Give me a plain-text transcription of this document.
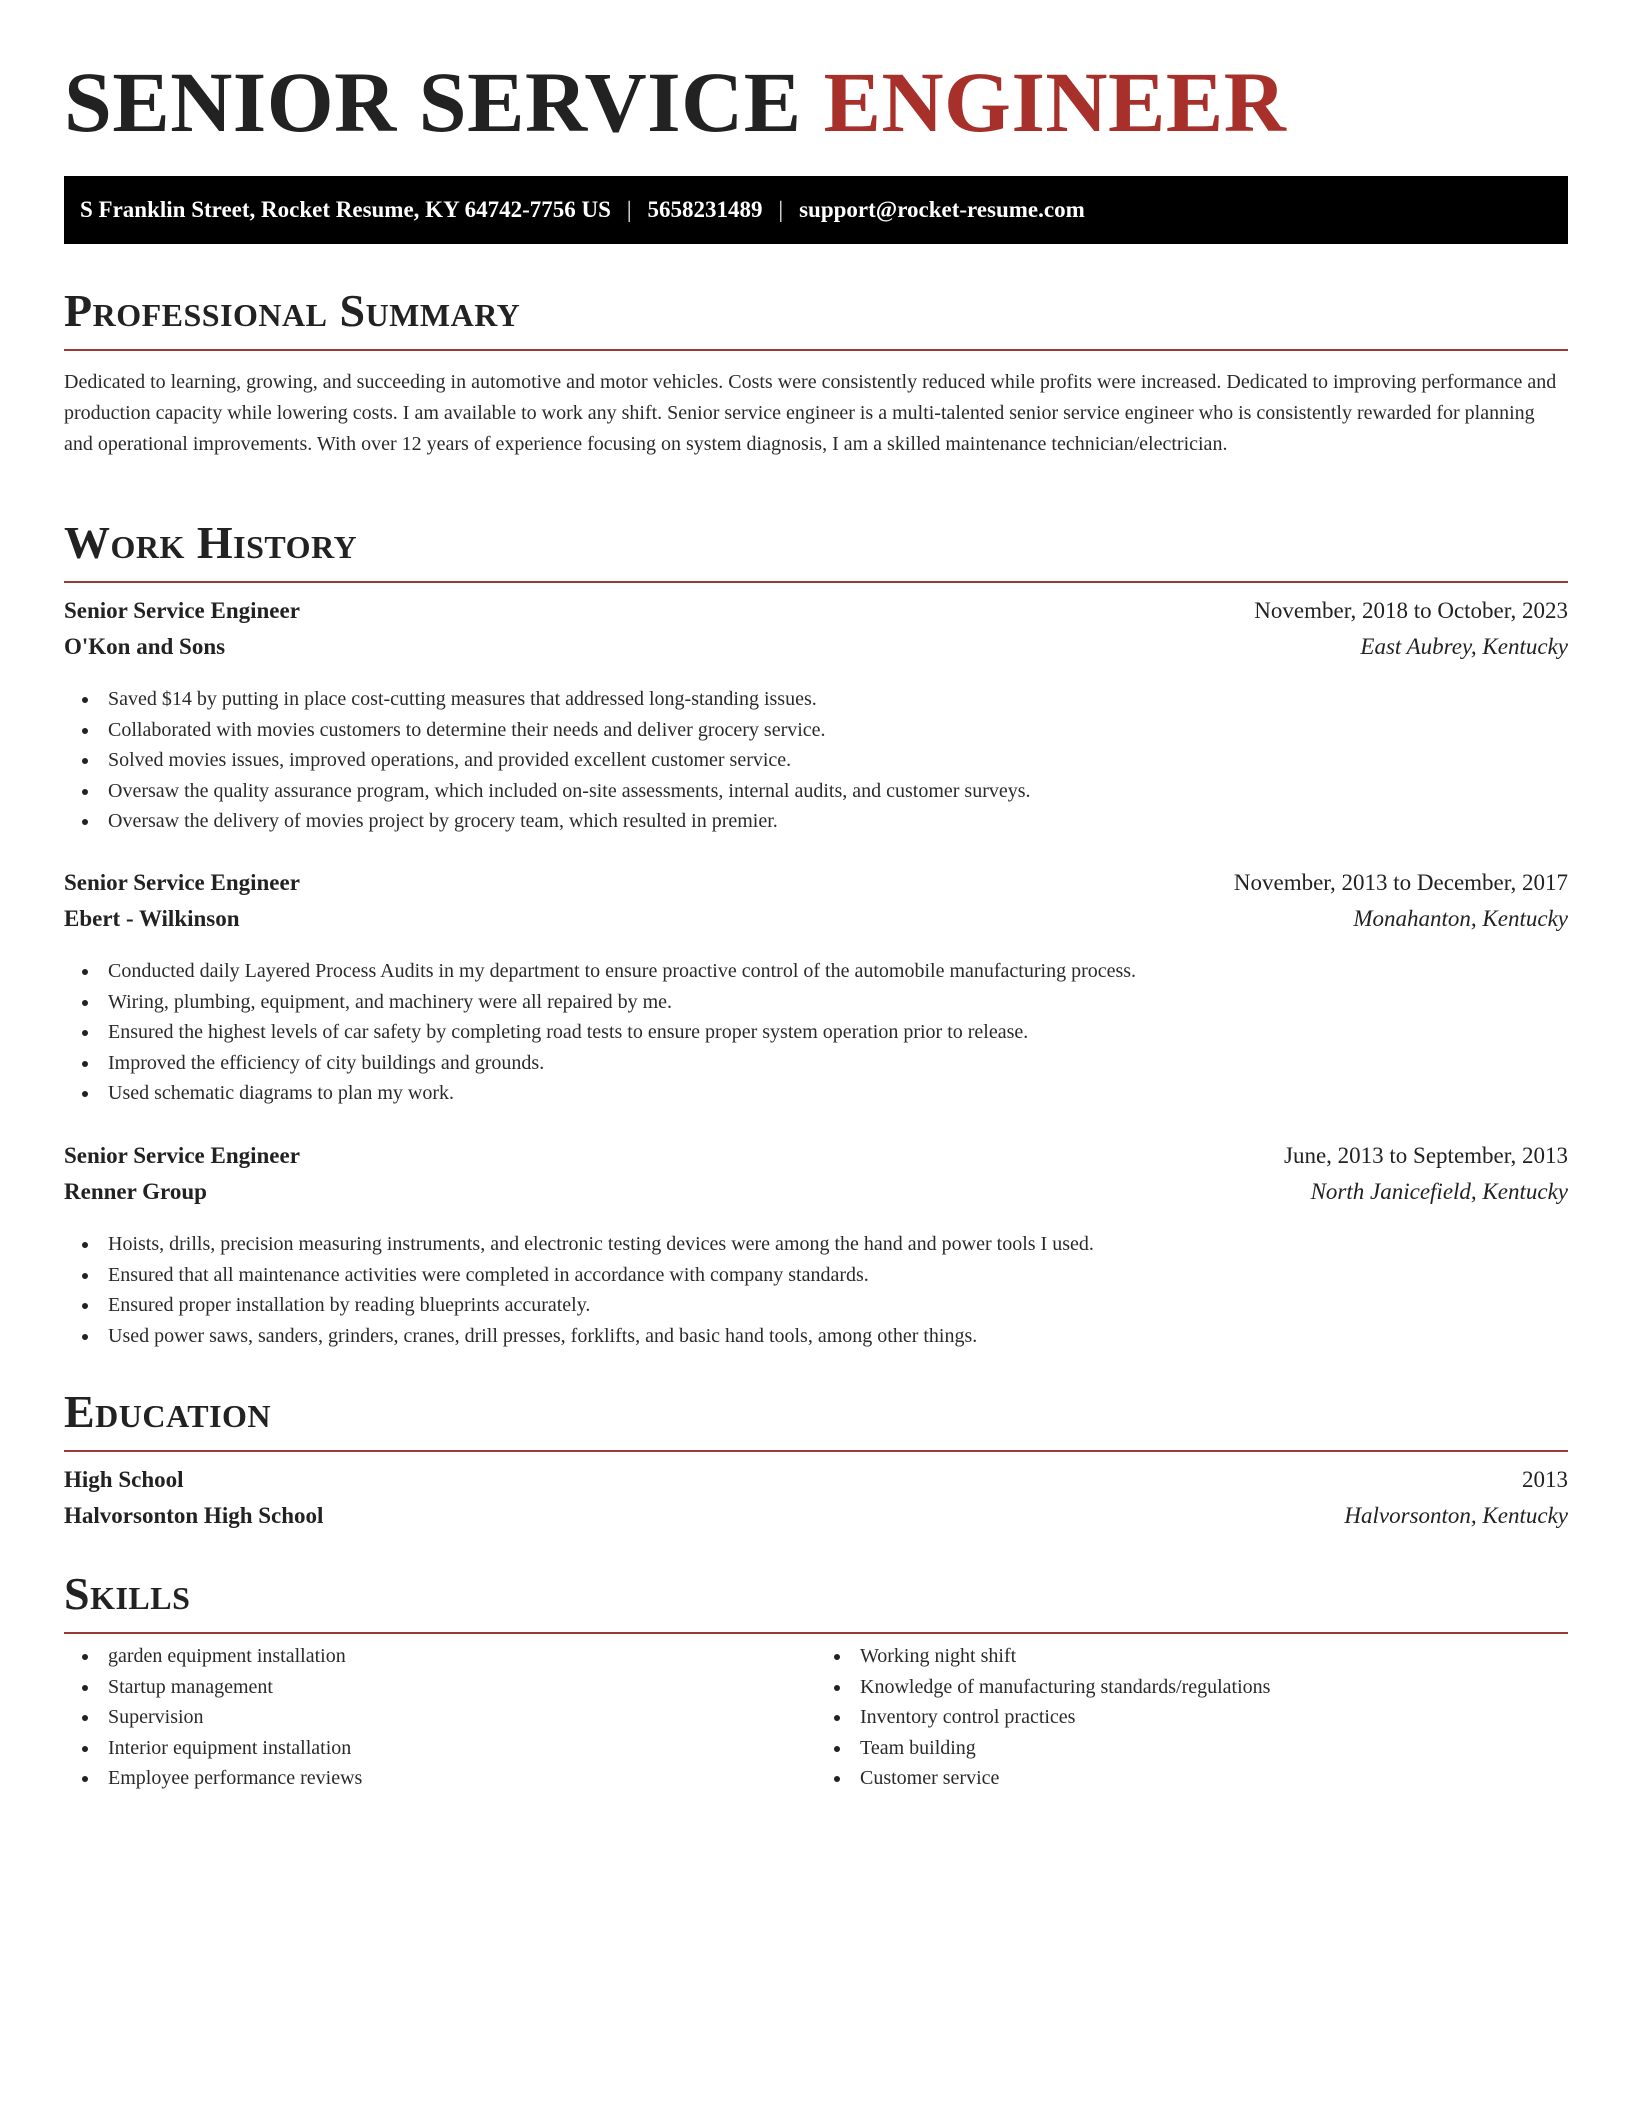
SENIOR SERVICE ENGINEER
S Franklin Street, Rocket Resume, KY 64742-7756 US | 5658231489 | support@rocket-resume.com
Professional Summary

Dedicated to learning, growing, and succeeding in automotive and motor vehicles. Costs were consistently reduced while profits were increased. Dedicated to improving performance and production capacity while lowering costs. I am available to work any shift. Senior service engineer is a multi-talented senior service engineer who is consistently rewarded for planning and operational improvements. With over 12 years of experience focusing on system diagnosis, I am a skilled maintenance technician/electrician.

Work History
Senior Service Engineer	November, 2018 to October, 2023
O'Kon and Sons	East Aubrey, Kentucky
Saved $14 by putting in place cost-cutting measures that addressed long-standing issues.
Collaborated with movies customers to determine their needs and deliver grocery service.
Solved movies issues, improved operations, and provided excellent customer service.
Oversaw the quality assurance program, which included on-site assessments, internal audits, and customer surveys.
Oversaw the delivery of movies project by grocery team, which resulted in premier.
Senior Service Engineer	November, 2013 to December, 2017
Ebert - Wilkinson	Monahanton, Kentucky
Conducted daily Layered Process Audits in my department to ensure proactive control of the automobile manufacturing process.
Wiring, plumbing, equipment, and machinery were all repaired by me.
Ensured the highest levels of car safety by completing road tests to ensure proper system operation prior to release.
Improved the efficiency of city buildings and grounds.
Used schematic diagrams to plan my work.
Senior Service Engineer	June, 2013 to September, 2013
Renner Group	North Janicefield, Kentucky
Hoists, drills, precision measuring instruments, and electronic testing devices were among the hand and power tools I used.
Ensured that all maintenance activities were completed in accordance with company standards.
Ensured proper installation by reading blueprints accurately.
Used power saws, sanders, grinders, cranes, drill presses, forklifts, and basic hand tools, among other things.
Education
High School	2013
Halvorsonton High School	Halvorsonton, Kentucky
Skills
garden equipment installation
Startup management
Supervision
Interior equipment installation
Employee performance reviews
Working night shift
Knowledge of manufacturing standards/regulations
Inventory control practices
Team building
Customer service
